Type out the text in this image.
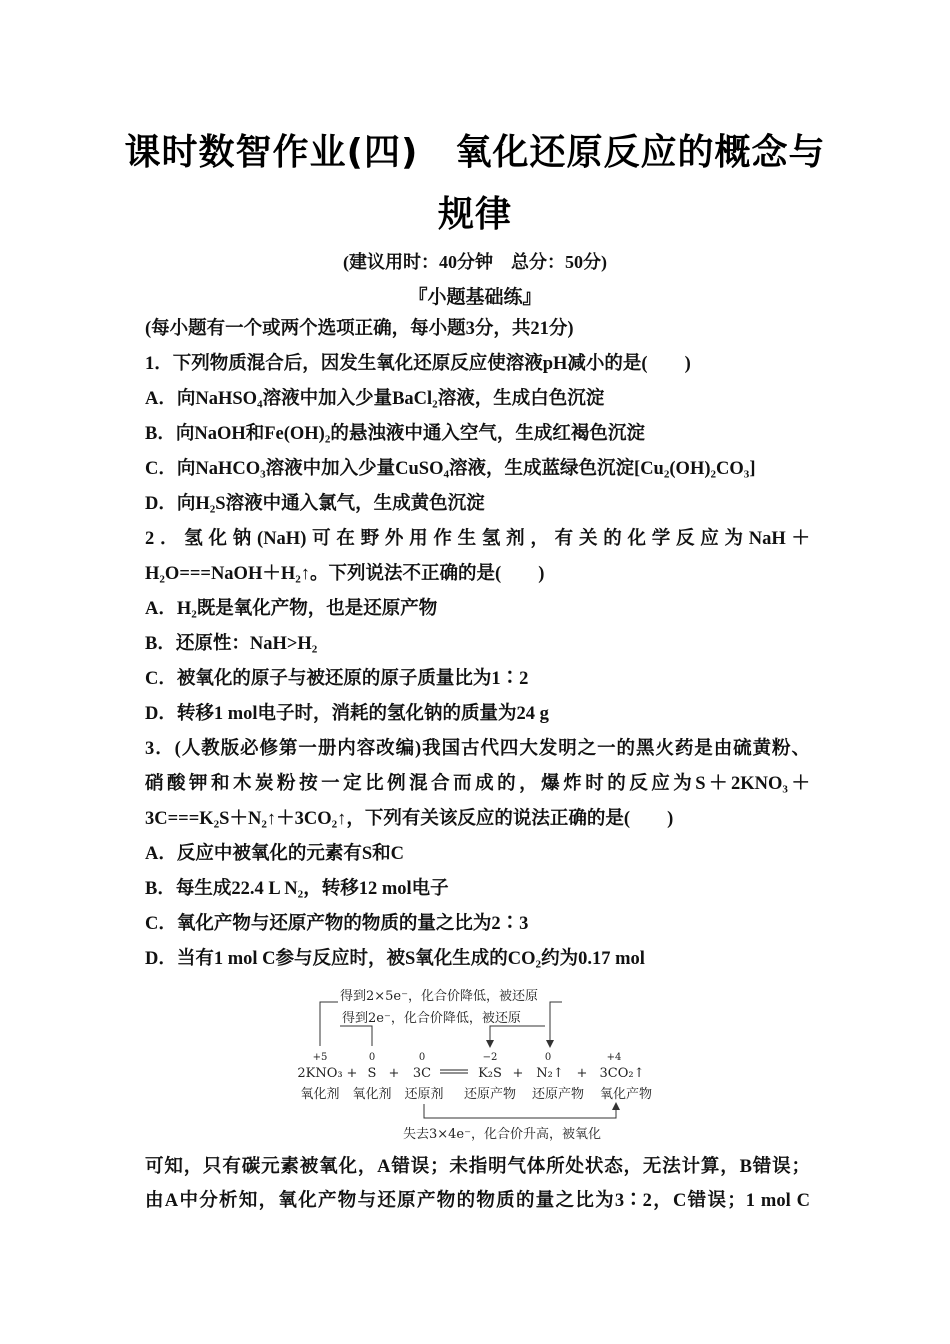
课时数智作业(四)　氧化还原反应的概念与
规律
(建议用时：40分钟　总分：50分)
『小题基础练』
(每小题有一个或两个选项正确，每小题3分，共21分)
1．下列物质混合后，因发生氧化还原反应使溶液pH减小的是(　　)
A．向NaHSO₄溶液中加入少量BaCl₂溶液，生成白色沉淀
B．向NaOH和Fe(OH)₂的悬浊液中通入空气，生成红褐色沉淀
C．向NaHCO₃溶液中加入少量CuSO₄溶液，生成蓝绿色沉淀[Cu₂(OH)₂CO₃]
D．向H₂S溶液中通入氯气，生成黄色沉淀
2．氢化钠(NaH)可在野外用作生氢剂，有关的化学反应为NaH＋
H₂O===NaOH＋H₂↑。下列说法不正确的是(　　)
A．H₂既是氧化产物，也是还原产物
B．还原性：NaH>H₂
C．被氧化的原子与被还原的原子质量比为1∶2
D．转移1 mol电子时，消耗的氢化钠的质量为24 g
3．(人教版必修第一册内容改编)我国古代四大发明之一的黑火药是由硫黄粉、
硝酸钾和木炭粉按一定比例混合而成的，爆炸时的反应为S＋2KNO₃＋
3C===K₂S＋N₂↑＋3CO₂↑，下列有关该反应的说法正确的是(　　)
A．反应中被氧化的元素有S和C
B．每生成22.4 L N₂，转移12 mol电子
C．氧化产物与还原产物的物质的量之比为2∶3
D．当有1 mol C参与反应时，被S氧化生成的CO₂约为0.17 mol
得到2×5e⁻，化合价降低，被还原
得到2e⁻，化合价降低，被还原
+5	0	0	−2	0	+4
2KNO₃ + S + 3C	K₂S + N₂↑ + 3CO₂↑
氧化剂 氧化剂 还原剂 还原产物 还原产物 氧化产物
失去3×4e⁻，化合价升高，被氧化
可知，只有碳元素被氧化，A错误；未指明气体所处状态，无法计算，B错误；
由A中分析知，氧化产物与还原产物的物质的量之比为3∶2，C错误；1 mol C
